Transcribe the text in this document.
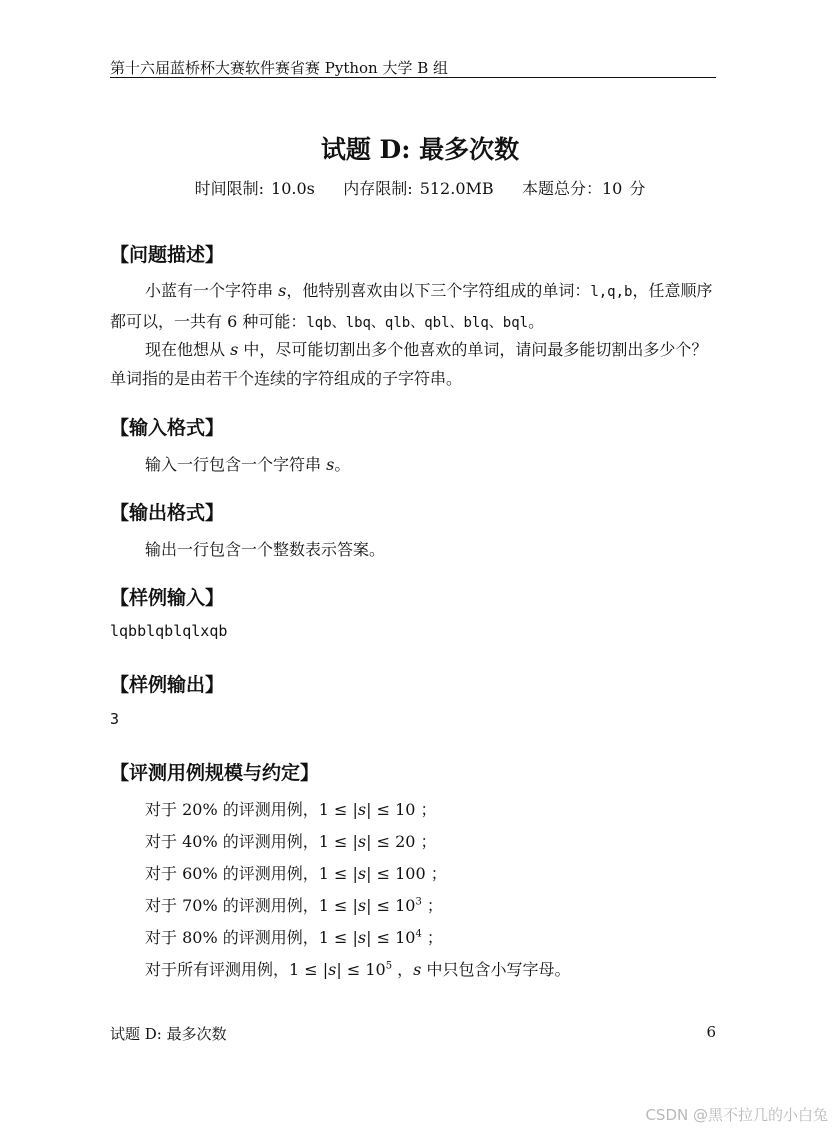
第十六届蓝桥杯大赛软件赛省赛 Python 大学 B 组
试题 D: 最多次数
时间限制: 10.0s    内存限制: 512.0MB    本题总分：10 分
【问题描述】
小蓝有一个字符串 s，他特别喜欢由以下三个字符组成的单词：l,q,b，任意顺序都可以，一共有 6 种可能：lqb、lbq、qlb、qbl、blq、bql。
现在他想从 s 中，尽可能切割出多个他喜欢的单词，请问最多能切割出多少个？单词指的是由若干个连续的字符组成的子字符串。
【输入格式】
输入一行包含一个字符串 s。
【输出格式】
输出一行包含一个整数表示答案。
【样例输入】
lqbblqblqlxqb
【样例输出】
3
【评测用例规模与约定】
对于 20% 的评测用例，1 ≤ |s| ≤ 10 ；
对于 40% 的评测用例，1 ≤ |s| ≤ 20 ；
对于 60% 的评测用例，1 ≤ |s| ≤ 100 ；
对于 70% 的评测用例，$1 \le |s| \le 10^3$ ；
对于 80% 的评测用例，$1 \le |s| \le 10^4$ ；
对于所有评测用例，$1 \le |s| \le 10^5$ ，s 中只包含小写字母。
试题 D: 最多次数	6
CSDN @黑不拉几的小白兔
